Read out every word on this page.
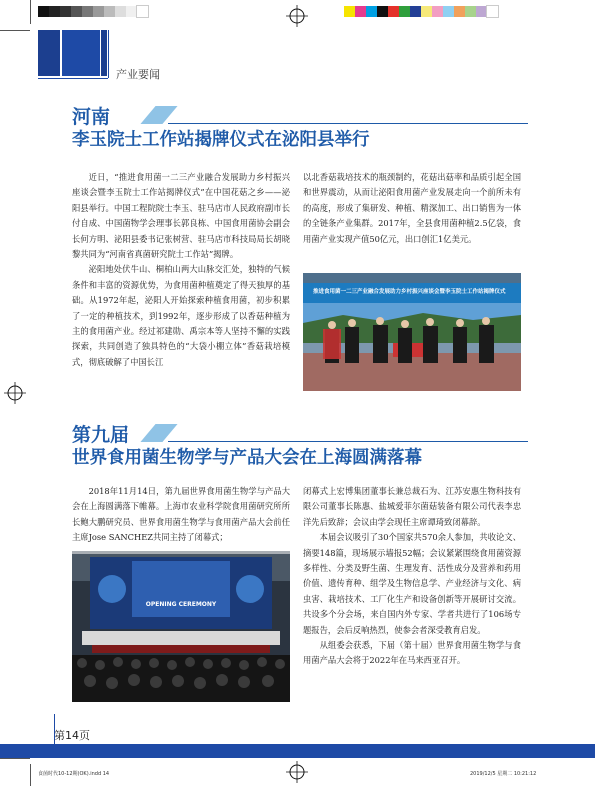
产业要闻
河南
李玉院士工作站揭牌仪式在泌阳县举行

近日，“推进食用菌一二三产业融合发展助力乡村振兴座谈会暨李玉院士工作站揭牌仪式”在中国花菇之乡——泌阳县举行。中国工程院院士李玉、驻马店市人民政府副市长付自成、中国菌物学会理事长郭良栋、中国食用菌协会副会长何方明、泌阳县委书记张树营、驻马店市科技局局长胡晓黎共同为“河南省真菌研究院士工作站”揭牌。

泌阳地处伏牛山、桐柏山两大山脉交汇处，独特的气候条件和丰富的资源优势，为食用菌种植奠定了得天独厚的基础。从1972年起，泌阳人开始探索种植食用菌，初步积累了一定的种植技术，到1992年，逐步形成了以香菇种植为主的食用菌产业。经过祁建勋、禹宗本等人坚持不懈的实践探索，共同创造了独具特色的“大袋小棚立体”香菇栽培模式，彻底破解了中国长江

以北香菇栽培技术的瓶颈制约，花菇出菇率和品质引起全国和世界震动，从而让泌阳食用菌产业发展走向一个前所未有的高度，形成了集研发、种植、精深加工、出口销售为一体的全链条产业集群。2017年，全县食用菌种植2.5亿袋，食用菌产业实现产值50亿元，出口创汇1亿美元。

推进食用菌一二三产业融合发展助力乡村振兴座谈会暨李玉院士工作站揭牌仪式
第九届
世界食用菌生物学与产品大会在上海圆满落幕

2018年11月14日，第九届世界食用菌生物学与产品大会在上海圆满落下帷幕。上海市农业科学院食用菌研究所所长鲍大鹏研究员、世界食用菌生物学与食用菌产品大会前任主席Jose SANCHEZ共同主持了闭幕式；

OPENING CEREMONY

闭幕式上宏博集团董事长兼总裁石为、江苏安惠生物科技有限公司董事长陈惠、盐城爱菲尔菌菇装备有限公司代表李忠洋先后致辞；会议由学会现任主席谭琦致闭幕辞。

本届会议吸引了30个国家共570余人参加，共收论文、摘要148篇，现场展示墙报52幅；会议紧紧围绕食用菌资源多样性、分类及野生菌、生理发育、活性成分及营养和药用价值、遗传育种、组学及生物信息学、产业经济与文化、病虫害、栽培技术、工厂化生产和设备创新等开展研讨交流。共设多个分会场，来自国内外专家、学者共进行了106场专题报告，会后反响热烈，使参会者深受教育启发。

从组委会获悉，下届（第十届）世界食用菌生物学与食用菌产品大会将于2022年在马来西亚召开。

第14页
食菌时代10-12期(OK).indd 14	2019/12/5 星期二 10:21:12
